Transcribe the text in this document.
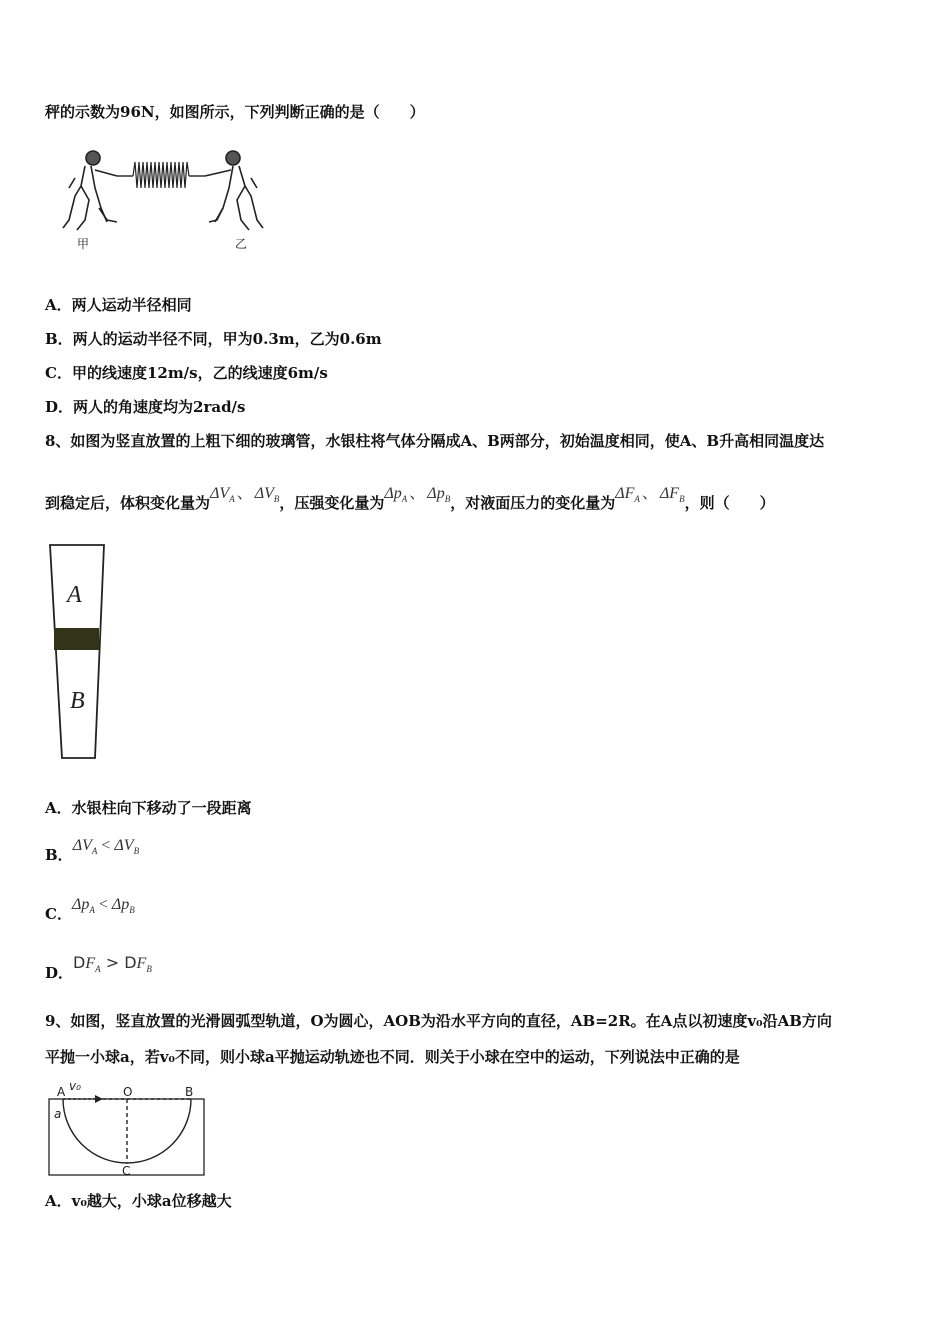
秤的示数为96N，如图所示，下列判断正确的是（　　）
甲	乙
A．两人运动半径相同
B．两人的运动半径不同，甲为0.3m，乙为0.6m
C．甲的线速度12m/s，乙的线速度6m/s
D．两人的角速度均为2rad/s
8、如图为竖直放置的上粗下细的玻璃管，水银柱将气体分隔成A、B两部分，初始温度相同，使A、B升高相同温度达
到稳定后，体积变化量为$\Delta V_A$ 、 $\Delta V_B$，压强变化量为$\Delta p_A$ 、 $\Delta p_B$，对液面压力的变化量为$\Delta F_A$ 、 $\Delta F_B$，则（　　）
A
B
A．水银柱向下移动了一段距离
B．$\Delta V_A < \Delta V_B$
C．$\Delta p_A < \Delta p_B$
D．$DF_A > DF_B$
9、如图，竖直放置的光滑圆弧型轨道，O为圆心，AOB为沿水平方向的直径，AB=2R。在A点以初速度v₀沿AB方向
平抛一小球a，若v₀不同，则小球a平抛运动轨迹也不同．则关于小球在空中的运动，下列说法中正确的是
A	O	B
C
v₀
a
A．v₀越大，小球a位移越大
